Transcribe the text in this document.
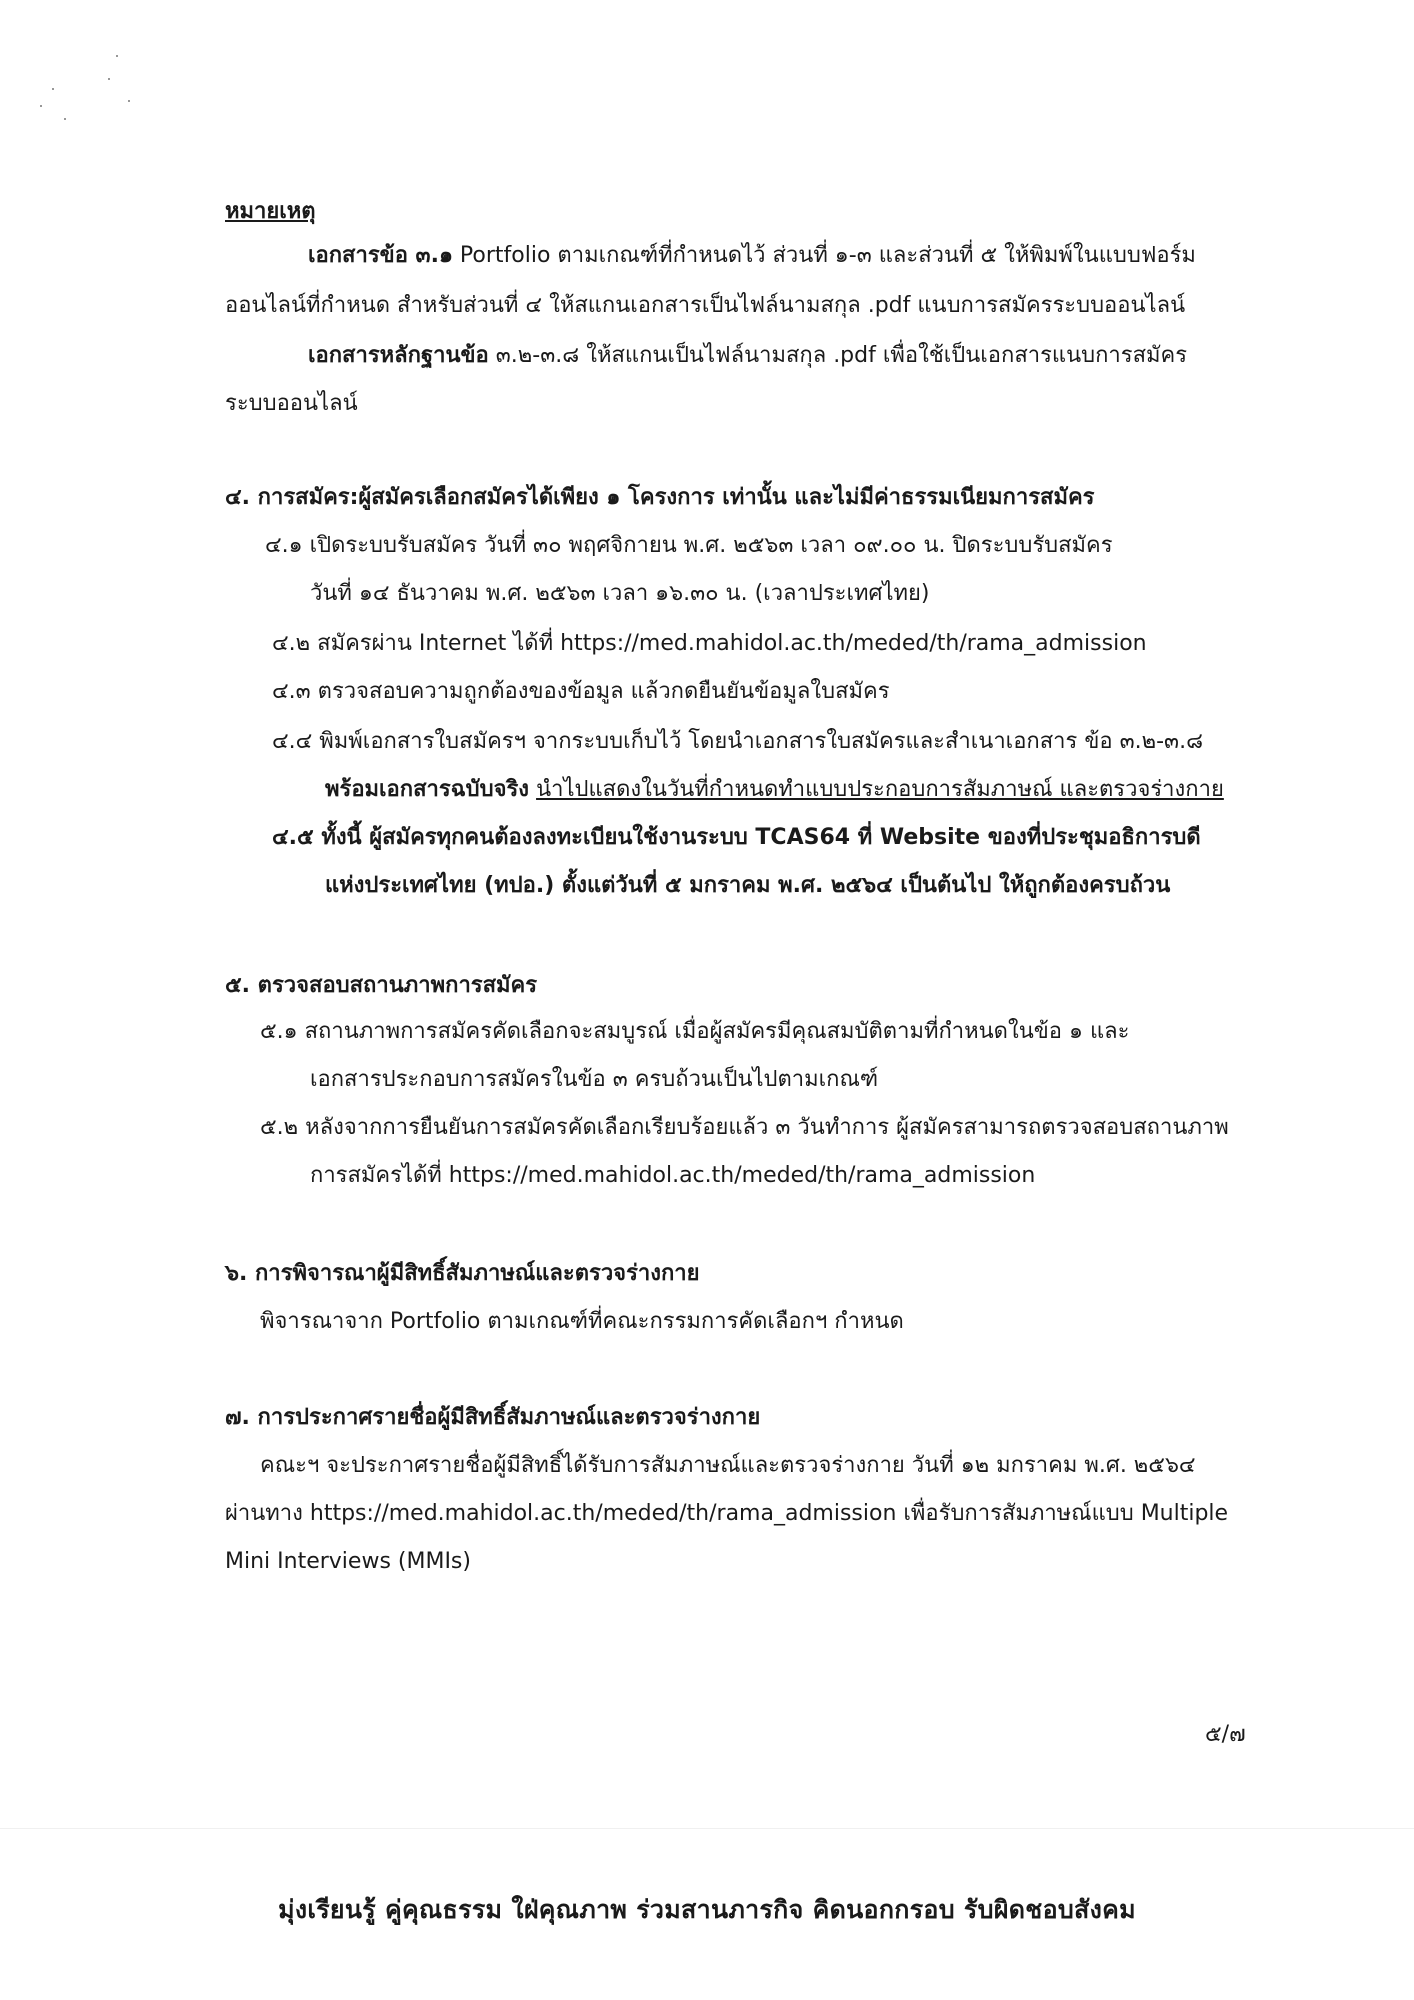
หมายเหตุ
เอกสารข้อ ๓.๑ Portfolio ตามเกณฑ์ที่กำหนดไว้ ส่วนที่ ๑-๓ และส่วนที่ ๕ ให้พิมพ์ในแบบฟอร์ม
ออนไลน์ที่กำหนด สำหรับส่วนที่ ๔ ให้สแกนเอกสารเป็นไฟล์นามสกุล .pdf แนบการสมัครระบบออนไลน์
เอกสารหลักฐานข้อ ๓.๒-๓.๘ ให้สแกนเป็นไฟล์นามสกุล .pdf เพื่อใช้เป็นเอกสารแนบการสมัคร
ระบบออนไลน์
๔. การสมัคร:ผู้สมัครเลือกสมัครได้เพียง ๑ โครงการ เท่านั้น และไม่มีค่าธรรมเนียมการสมัคร
๔.๑ เปิดระบบรับสมัคร วันที่ ๓๐ พฤศจิกายน พ.ศ. ๒๕๖๓ เวลา ๐๙.๐๐ น. ปิดระบบรับสมัคร
วันที่ ๑๔ ธันวาคม พ.ศ. ๒๕๖๓ เวลา ๑๖.๓๐ น. (เวลาประเทศไทย)
๔.๒ สมัครผ่าน Internet ได้ที่ https://med.mahidol.ac.th/meded/th/rama_admission
๔.๓ ตรวจสอบความถูกต้องของข้อมูล แล้วกดยืนยันข้อมูลใบสมัคร
๔.๔ พิมพ์เอกสารใบสมัครฯ จากระบบเก็บไว้ โดยนำเอกสารใบสมัครและสำเนาเอกสาร ข้อ ๓.๒-๓.๘
พร้อมเอกสารฉบับจริง นำไปแสดงในวันที่กำหนดทำแบบประกอบการสัมภาษณ์ และตรวจร่างกาย
๔.๕ ทั้งนี้ ผู้สมัครทุกคนต้องลงทะเบียนใช้งานระบบ TCAS64 ที่ Website ของที่ประชุมอธิการบดี
แห่งประเทศไทย (ทปอ.) ตั้งแต่วันที่ ๕ มกราคม พ.ศ. ๒๕๖๔ เป็นต้นไป ให้ถูกต้องครบถ้วน
๕. ตรวจสอบสถานภาพการสมัคร
๕.๑ สถานภาพการสมัครคัดเลือกจะสมบูรณ์ เมื่อผู้สมัครมีคุณสมบัติตามที่กำหนดในข้อ ๑ และ
เอกสารประกอบการสมัครในข้อ ๓ ครบถ้วนเป็นไปตามเกณฑ์
๕.๒ หลังจากการยืนยันการสมัครคัดเลือกเรียบร้อยแล้ว ๓ วันทำการ ผู้สมัครสามารถตรวจสอบสถานภาพ
การสมัครได้ที่ https://med.mahidol.ac.th/meded/th/rama_admission
๖. การพิจารณาผู้มีสิทธิ์สัมภาษณ์และตรวจร่างกาย
พิจารณาจาก Portfolio ตามเกณฑ์ที่คณะกรรมการคัดเลือกฯ กำหนด
๗. การประกาศรายชื่อผู้มีสิทธิ์สัมภาษณ์และตรวจร่างกาย
คณะฯ จะประกาศรายชื่อผู้มีสิทธิ์ได้รับการสัมภาษณ์และตรวจร่างกาย วันที่ ๑๒ มกราคม พ.ศ. ๒๕๖๔
ผ่านทาง https://med.mahidol.ac.th/meded/th/rama_admission เพื่อรับการสัมภาษณ์แบบ Multiple
Mini Interviews (MMIs)
๕/๗
มุ่งเรียนรู้ คู่คุณธรรม ใฝ่คุณภาพ ร่วมสานภารกิจ คิดนอกกรอบ รับผิดชอบสังคม
